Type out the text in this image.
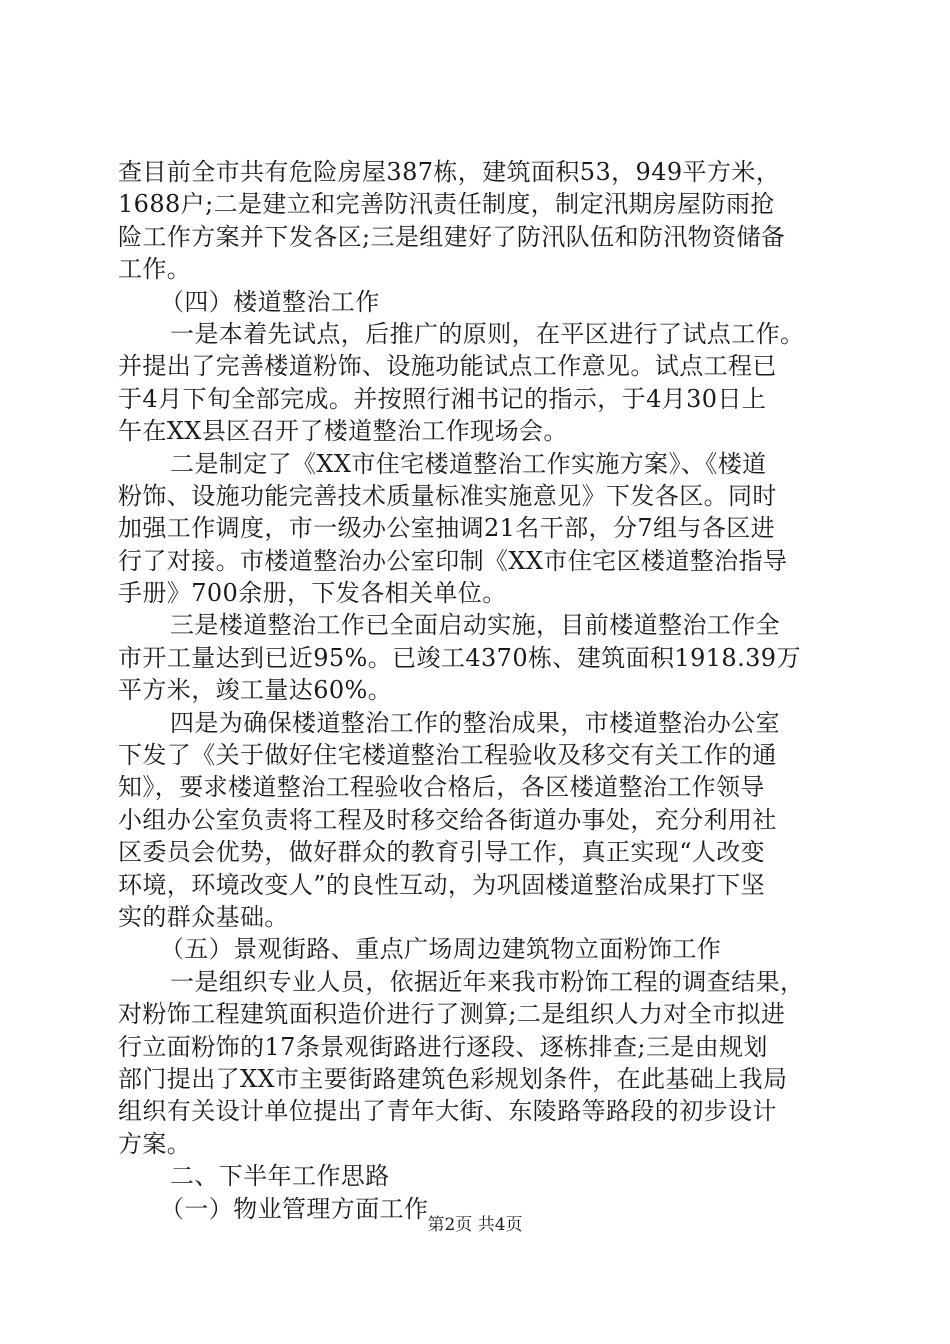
查目前全市共有危险房屋387栋，建筑面积53，949平方米，
1688户;二是建立和完善防汛责任制度，制定汛期房屋防雨抢
险工作方案并下发各区;三是组建好了防汛队伍和防汛物资储备
工作。
（四）楼道整治工作
一是本着先试点，后推广的原则，在平区进行了试点工作。
并提出了完善楼道粉饰、设施功能试点工作意见。试点工程已
于4月下旬全部完成。并按照行湘书记的指示，于4月30日上
午在XX县区召开了楼道整治工作现场会。
二是制定了《XX市住宅楼道整治工作实施方案》、《楼道
粉饰、设施功能完善技术质量标准实施意见》下发各区。同时
加强工作调度，市一级办公室抽调21名干部，分7组与各区进
行了对接。市楼道整治办公室印制《XX市住宅区楼道整治指导
手册》700余册，下发各相关单位。
三是楼道整治工作已全面启动实施，目前楼道整治工作全
市开工量达到已近95%。已竣工4370栋、建筑面积1918.39万
平方米，竣工量达60%。
四是为确保楼道整治工作的整治成果，市楼道整治办公室
下发了《关于做好住宅楼道整治工程验收及移交有关工作的通
知》，要求楼道整治工程验收合格后，各区楼道整治工作领导
小组办公室负责将工程及时移交给各街道办事处，充分利用社
区委员会优势，做好群众的教育引导工作，真正实现“人改变
环境，环境改变人”的良性互动，为巩固楼道整治成果打下坚
实的群众基础。
（五）景观街路、重点广场周边建筑物立面粉饰工作
一是组织专业人员，依据近年来我市粉饰工程的调查结果，
对粉饰工程建筑面积造价进行了测算;二是组织人力对全市拟进
行立面粉饰的17条景观街路进行逐段、逐栋排查;三是由规划
部门提出了XX市主要街路建筑色彩规划条件，在此基础上我局
组织有关设计单位提出了青年大街、东陵路等路段的初步设计
方案。
二、下半年工作思路
（一）物业管理方面工作
第2页 共4页
